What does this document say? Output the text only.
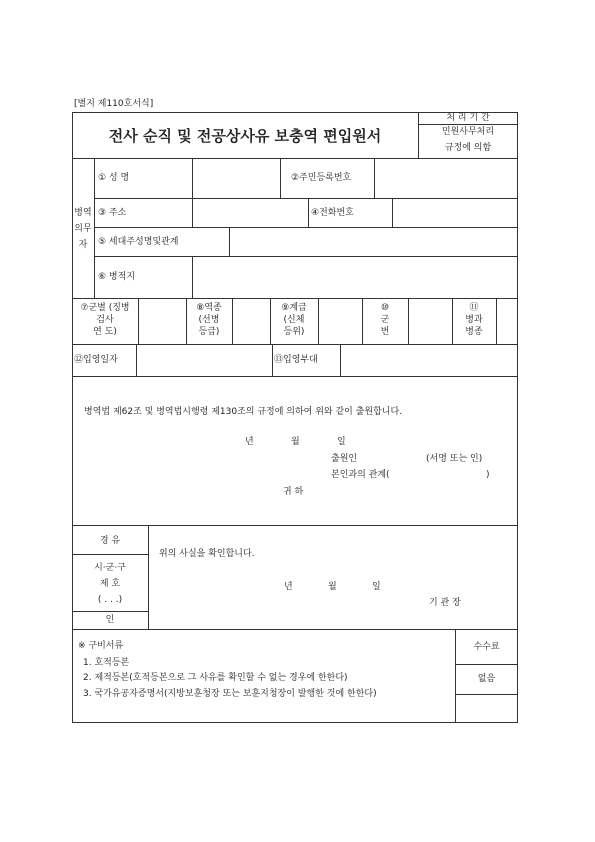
[별지 제110호서식]
전사 순직 및 전공상사유 보충역 편입원서
처 리 기 간
민원사무처리
규정에 의함
병역
의무
자
① 성 명	②주민등록번호
③ 주소	④전화번호
⑤ 세대주성명및관계
⑥ 병적지
⑦군별 (징병
검사
연 도)
⑧역종
(선병
등급)
⑨계급
(신체
등위)
⑩
군
번
⑪
병과
병종
⑫입영일자	⑬입영부대
병역법 제62조 및 병역법시행령 제130조의 규정에 의하여 위와 같이 출원합니다.
년	월	일
출원인	(서명 또는 인)
본인과의 관계(	)
귀 하
경 유
시·군·구
제 호
( . . .)
인
위의 사실을 확인합니다.
년	월	일
기 관 장
※ 구비서류
1. 호적등본
2. 제적등본(호적등본으로 그 사유를 확인할 수 없는 경우에 한한다)
3. 국가유공자증명서(지방보훈청장 또는 보훈지청장이 발행한 것에 한한다)
수수료
없음
